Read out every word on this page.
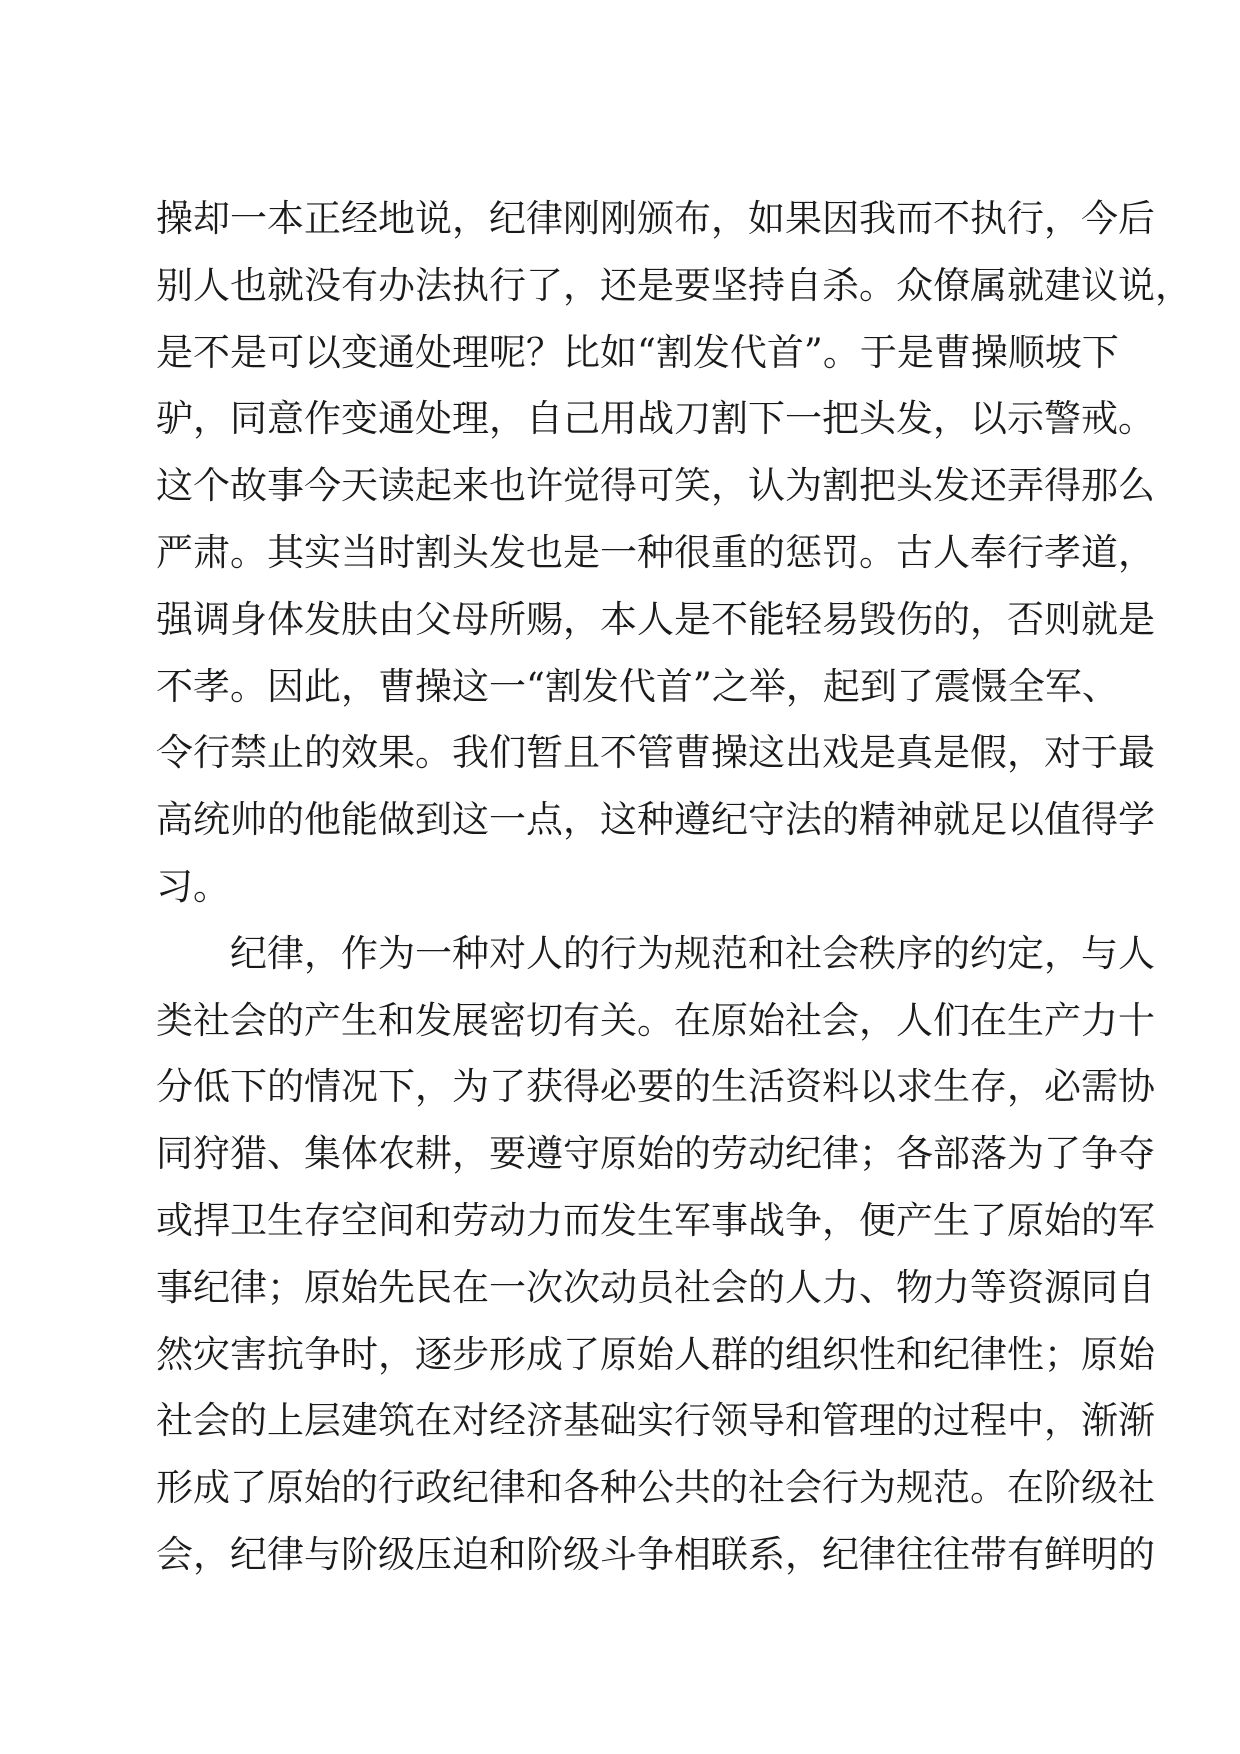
操却一本正经地说，纪律刚刚颁布，如果因我而不执行，今后
别人也就没有办法执行了，还是要坚持自杀。众僚属就建议说，
是不是可以变通处理呢？比如“割发代首”。于是曹操顺坡下
驴，同意作变通处理，自己用战刀割下一把头发，以示警戒。
这个故事今天读起来也许觉得可笑，认为割把头发还弄得那么
严肃。其实当时割头发也是一种很重的惩罚。古人奉行孝道，
强调身体发肤由父母所赐，本人是不能轻易毁伤的，否则就是
不孝。因此，曹操这一“割发代首”之举，起到了震慑全军、
令行禁止的效果。我们暂且不管曹操这出戏是真是假，对于最
高统帅的他能做到这一点，这种遵纪守法的精神就足以值得学
习。
　　纪律，作为一种对人的行为规范和社会秩序的约定，与人
类社会的产生和发展密切有关。在原始社会，人们在生产力十
分低下的情况下，为了获得必要的生活资料以求生存，必需协
同狩猎、集体农耕，要遵守原始的劳动纪律；各部落为了争夺
或捍卫生存空间和劳动力而发生军事战争，便产生了原始的军
事纪律；原始先民在一次次动员社会的人力、物力等资源同自
然灾害抗争时，逐步形成了原始人群的组织性和纪律性；原始
社会的上层建筑在对经济基础实行领导和管理的过程中，渐渐
形成了原始的行政纪律和各种公共的社会行为规范。在阶级社
会，纪律与阶级压迫和阶级斗争相联系，纪律往往带有鲜明的
